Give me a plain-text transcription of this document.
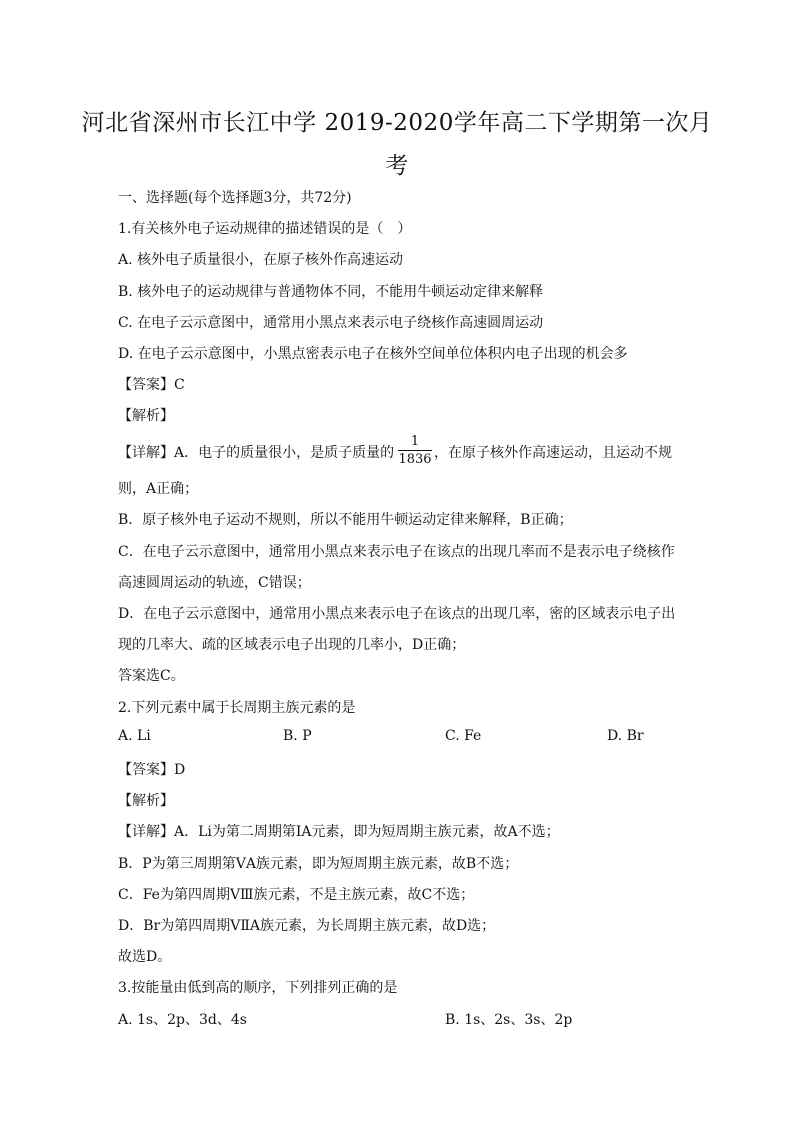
河北省深州市长江中学 2019-2020学年高二下学期第一次月
考
一、选择题(每个选择题3分，共72分)
1.有关核外电子运动规律的描述错误的是（　）
A. 核外电子质量很小，在原子核外作高速运动
B. 核外电子的运动规律与普通物体不同，不能用牛顿运动定律来解释
C. 在电子云示意图中，通常用小黑点来表示电子绕核作高速圆周运动
D. 在电子云示意图中，小黑点密表示电子在核外空间单位体积内电子出现的机会多
【答案】C
【解析】
【详解】A．电子的质量很小，是质子质量的 $\frac{1}{1836}$ ，在原子核外作高速运动，且运动不规
则，A正确；
B．原子核外电子运动不规则，所以不能用牛顿运动定律来解释，B正确；
C．在电子云示意图中，通常用小黑点来表示电子在该点的出现几率而不是表示电子绕核作
高速圆周运动的轨迹，C错误；
D．在电子云示意图中，通常用小黑点来表示电子在该点的出现几率，密的区域表示电子出
现的几率大、疏的区域表示电子出现的几率小，D正确；
答案选C。
2.下列元素中属于长周期主族元素的是
A. Li	B. P	C. Fe	D. Br
【答案】D
【解析】
【详解】A．Li为第二周期第ⅠA元素，即为短周期主族元素，故A不选；
B．P为第三周期第ⅤA族元素，即为短周期主族元素，故B不选；
C．Fe为第四周期ⅤⅢ族元素，不是主族元素，故C不选；
D．Br为第四周期ⅤⅡA族元素，为长周期主族元素，故D选；
故选D。
3.按能量由低到高的顺序，下列排列正确的是
A. 1s、2p、3d、4s	B. 1s、2s、3s、2p
